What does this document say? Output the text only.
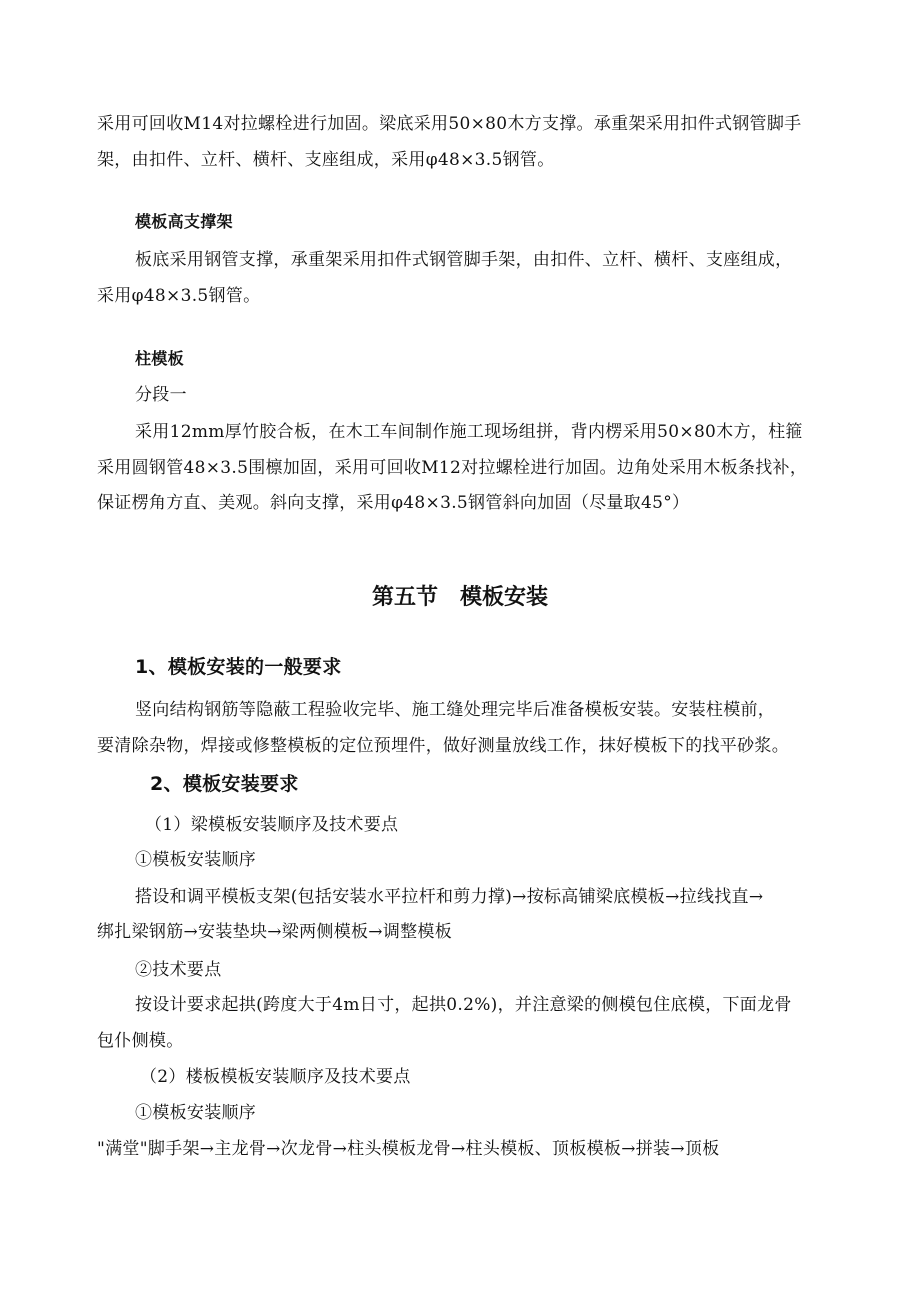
采用可回收M14对拉螺栓进行加固。梁底采用50×80木方支撑。承重架采用扣件式钢管脚手
架，由扣件、立杆、横杆、支座组成，采用φ48×3.5钢管。
模板高支撑架
板底采用钢管支撑，承重架采用扣件式钢管脚手架，由扣件、立杆、横杆、支座组成，
采用φ48×3.5钢管。
柱模板
分段一
采用12mm厚竹胶合板，在木工车间制作施工现场组拼，背内楞采用50×80木方，柱箍
采用圆钢管48×3.5围檩加固，采用可回收M12对拉螺栓进行加固。边角处采用木板条找补，
保证楞角方直、美观。斜向支撑，采用φ48×3.5钢管斜向加固（尽量取45°）
第五节　模板安装
1、模板安装的一般要求
竖向结构钢筋等隐蔽工程验收完毕、施工缝处理完毕后准备模板安装。安装柱模前，
要清除杂物，焊接或修整模板的定位预埋件，做好测量放线工作，抹好模板下的找平砂浆。
2、模板安装要求
（1）梁模板安装顺序及技术要点
①模板安装顺序
搭设和调平模板支架(包括安装水平拉杆和剪力撑)→按标高铺梁底模板→拉线找直→
绑扎梁钢筋→安装垫块→梁两侧模板→调整模板
②技术要点
按设计要求起拱(跨度大于4m日寸，起拱0.2%)，并注意梁的侧模包住底模，下面龙骨
包仆侧模。
（2）楼板模板安装顺序及技术要点
①模板安装顺序
"满堂"脚手架→主龙骨→次龙骨→柱头模板龙骨→柱头模板、顶板模板→拼装→顶板
